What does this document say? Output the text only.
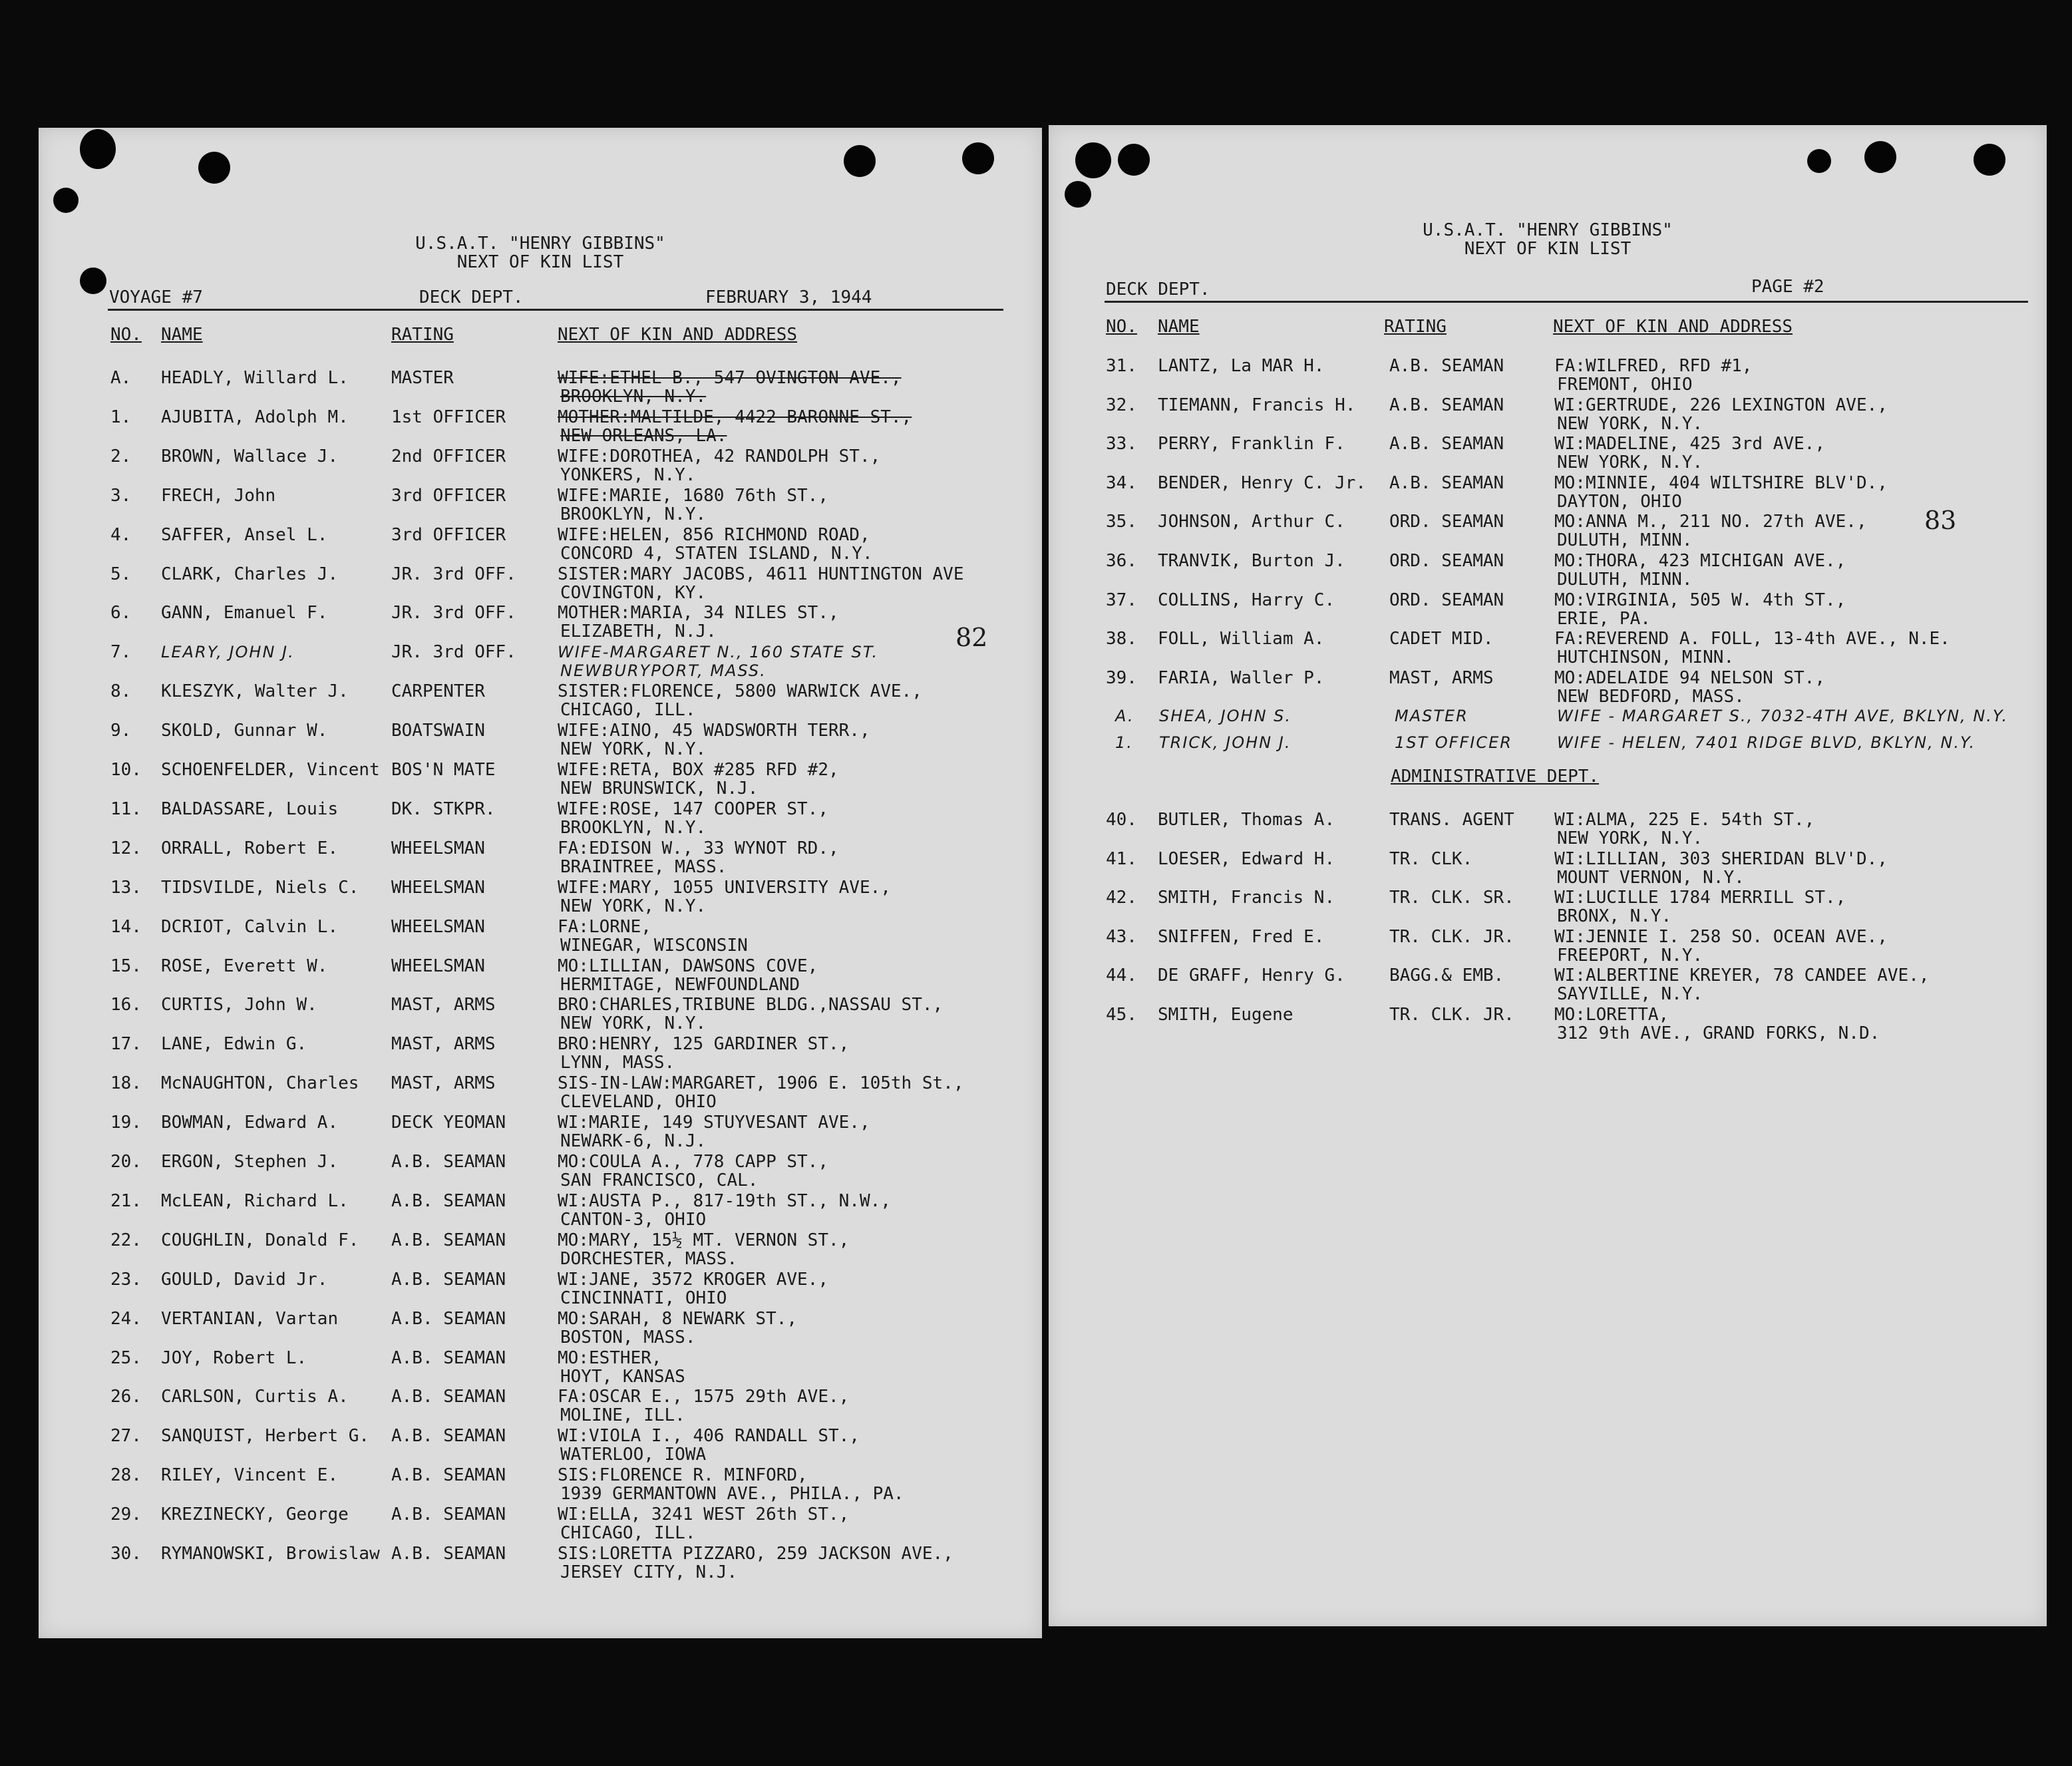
U.S.A.T. "HENRY GIBBINS"
NEXT OF KIN LIST
VOYAGE #7	DECK DEPT.	FEBRUARY 3, 1944
NO. NAME	RATING	NEXT OF KIN AND ADDRESS
82
A. HEADLY, Willard L. MASTER	WIFE:ETHEL B., 547 OVINGTON AVE.,
BROOKLYN, N.Y.
1. AJUBITA, Adolph M. 1st OFFICER	MOTHER:MALTILDE, 4422 BARONNE ST.,
NEW ORLEANS, LA.
2. BROWN, Wallace J.	2nd OFFICER	WIFE:DOROTHEA, 42 RANDOLPH ST.,
YONKERS, N.Y.
3. FRECH, John	3rd OFFICER	WIFE:MARIE, 1680 76th ST.,
BROOKLYN, N.Y.
4. SAFFER, Ansel L.	3rd OFFICER	WIFE:HELEN, 856 RICHMOND ROAD,
CONCORD 4, STATEN ISLAND, N.Y.
5. CLARK, Charles J.	JR. 3rd OFF. SISTER:MARY JACOBS, 4611 HUNTINGTON AVE
COVINGTON, KY.
6. GANN, Emanuel F.	JR. 3rd OFF. MOTHER:MARIA, 34 NILES ST.,
ELIZABETH, N.J.
7. LEARY, JOHN J.	JR. 3rd OFF.	WIFE-MARGARET N., 160 STATE ST.
NEWBURYPORT, MASS.
8. KLESZYK, Walter J. CARPENTER	SISTER:FLORENCE, 5800 WARWICK AVE.,
CHICAGO, ILL.
9. SKOLD, Gunnar W.	BOATSWAIN	WIFE:AINO, 45 WADSWORTH TERR.,
NEW YORK, N.Y.
10. SCHOENFELDER, Vincent BOS'N MATE	WIFE:RETA, BOX #285 RFD #2,
NEW BRUNSWICK, N.J.
11. BALDASSARE, Louis	DK. STKPR.	WIFE:ROSE, 147 COOPER ST.,
BROOKLYN, N.Y.
12. ORRALL, Robert E.	WHEELSMAN	FA:EDISON W., 33 WYNOT RD.,
BRAINTREE, MASS.
13. TIDSVILDE, Niels C. WHEELSMAN	WIFE:MARY, 1055 UNIVERSITY AVE.,
NEW YORK, N.Y.
14. DCRIOT, Calvin L.	WHEELSMAN	FA:LORNE,
WINEGAR, WISCONSIN
15. ROSE, Everett W.	WHEELSMAN	MO:LILLIAN, DAWSONS COVE,
HERMITAGE, NEWFOUNDLAND
16. CURTIS, John W.	MAST, ARMS	BRO:CHARLES,TRIBUNE BLDG.,NASSAU ST.,
NEW YORK, N.Y.
17. LANE, Edwin G.	MAST, ARMS	BRO:HENRY, 125 GARDINER ST.,
LYNN, MASS.
18. McNAUGHTON, Charles MAST, ARMS	SIS-IN-LAW:MARGARET, 1906 E. 105th St.,
CLEVELAND, OHIO
19. BOWMAN, Edward A.	DECK YEOMAN	WI:MARIE, 149 STUYVESANT AVE.,
NEWARK-6, N.J.
20. ERGON, Stephen J.	A.B. SEAMAN	MO:COULA A., 778 CAPP ST.,
SAN FRANCISCO, CAL.
21. McLEAN, Richard L. A.B. SEAMAN	WI:AUSTA P., 817-19th ST., N.W.,
CANTON-3, OHIO
22. COUGHLIN, Donald F. A.B. SEAMAN	MO:MARY, 15½ MT. VERNON ST.,
DORCHESTER, MASS.
23. GOULD, David Jr.	A.B. SEAMAN	WI:JANE, 3572 KROGER AVE.,
CINCINNATI, OHIO
24. VERTANIAN, Vartan	A.B. SEAMAN	MO:SARAH, 8 NEWARK ST.,
BOSTON, MASS.
25. JOY, Robert L.	A.B. SEAMAN	MO:ESTHER,
HOYT, KANSAS
26. CARLSON, Curtis A. A.B. SEAMAN	FA:OSCAR E., 1575 29th AVE.,
MOLINE, ILL.
27. SANQUIST, Herbert G. A.B. SEAMAN	WI:VIOLA I., 406 RANDALL ST.,
WATERLOO, IOWA
28. RILEY, Vincent E.	A.B. SEAMAN	SIS:FLORENCE R. MINFORD,
1939 GERMANTOWN AVE., PHILA., PA.
29. KREZINECKY, George A.B. SEAMAN	WI:ELLA, 3241 WEST 26th ST.,
CHICAGO, ILL.
30. RYMANOWSKI, Browislaw A.B. SEAMAN	SIS:LORETTA PIZZARO, 259 JACKSON AVE.,
JERSEY CITY, N.J.
U.S.A.T. "HENRY GIBBINS"
NEXT OF KIN LIST
DECK DEPT.	PAGE #2
NO. NAME	RATING	NEXT OF KIN AND ADDRESS
83
31. LANTZ, La MAR H.	A.B. SEAMAN	FA:WILFRED, RFD #1,
FREMONT, OHIO
32. TIEMANN, Francis H. A.B. SEAMAN	WI:GERTRUDE, 226 LEXINGTON AVE.,
NEW YORK, N.Y.
33. PERRY, Franklin F.	A.B. SEAMAN	WI:MADELINE, 425 3rd AVE.,
NEW YORK, N.Y.
34. BENDER, Henry C. Jr. A.B. SEAMAN	MO:MINNIE, 404 WILTSHIRE BLV'D.,
DAYTON, OHIO
35. JOHNSON, Arthur C.	ORD. SEAMAN	MO:ANNA M., 211 NO. 27th AVE.,
DULUTH, MINN.
36. TRANVIK, Burton J.	ORD. SEAMAN	MO:THORA, 423 MICHIGAN AVE.,
DULUTH, MINN.
37. COLLINS, Harry C.	ORD. SEAMAN	MO:VIRGINIA, 505 W. 4th ST.,
ERIE, PA.
38. FOLL, William A.	CADET MID.	FA:REVEREND A. FOLL, 13-4th AVE., N.E.
HUTCHINSON, MINN.
39. FARIA, Waller P.	MAST, ARMS	MO:ADELAIDE 94 NELSON ST.,
NEW BEDFORD, MASS.
A. SHEA, JOHN S.	MASTER	WIFE - MARGARET S., 7032-4TH AVE, BKLYN, N.Y.
1. TRICK, JOHN J.	1ST OFFICER	WIFE - HELEN, 7401 RIDGE BLVD, BKLYN, N.Y.
ADMINISTRATIVE DEPT.
40. BUTLER, Thomas A.	TRANS. AGENT WI:ALMA, 225 E. 54th ST.,
NEW YORK, N.Y.
41. LOESER, Edward H.	TR. CLK.	WI:LILLIAN, 303 SHERIDAN BLV'D.,
MOUNT VERNON, N.Y.
42. SMITH, Francis N.	TR. CLK. SR. WI:LUCILLE 1784 MERRILL ST.,
BRONX, N.Y.
43. SNIFFEN, Fred E.	TR. CLK. JR. WI:JENNIE I. 258 SO. OCEAN AVE.,
FREEPORT, N.Y.
44. DE GRAFF, Henry G.	BAGG.& EMB.	WI:ALBERTINE KREYER, 78 CANDEE AVE.,
SAYVILLE, N.Y.
45. SMITH, Eugene	TR. CLK. JR. MO:LORETTA,
312 9th AVE., GRAND FORKS, N.D.
